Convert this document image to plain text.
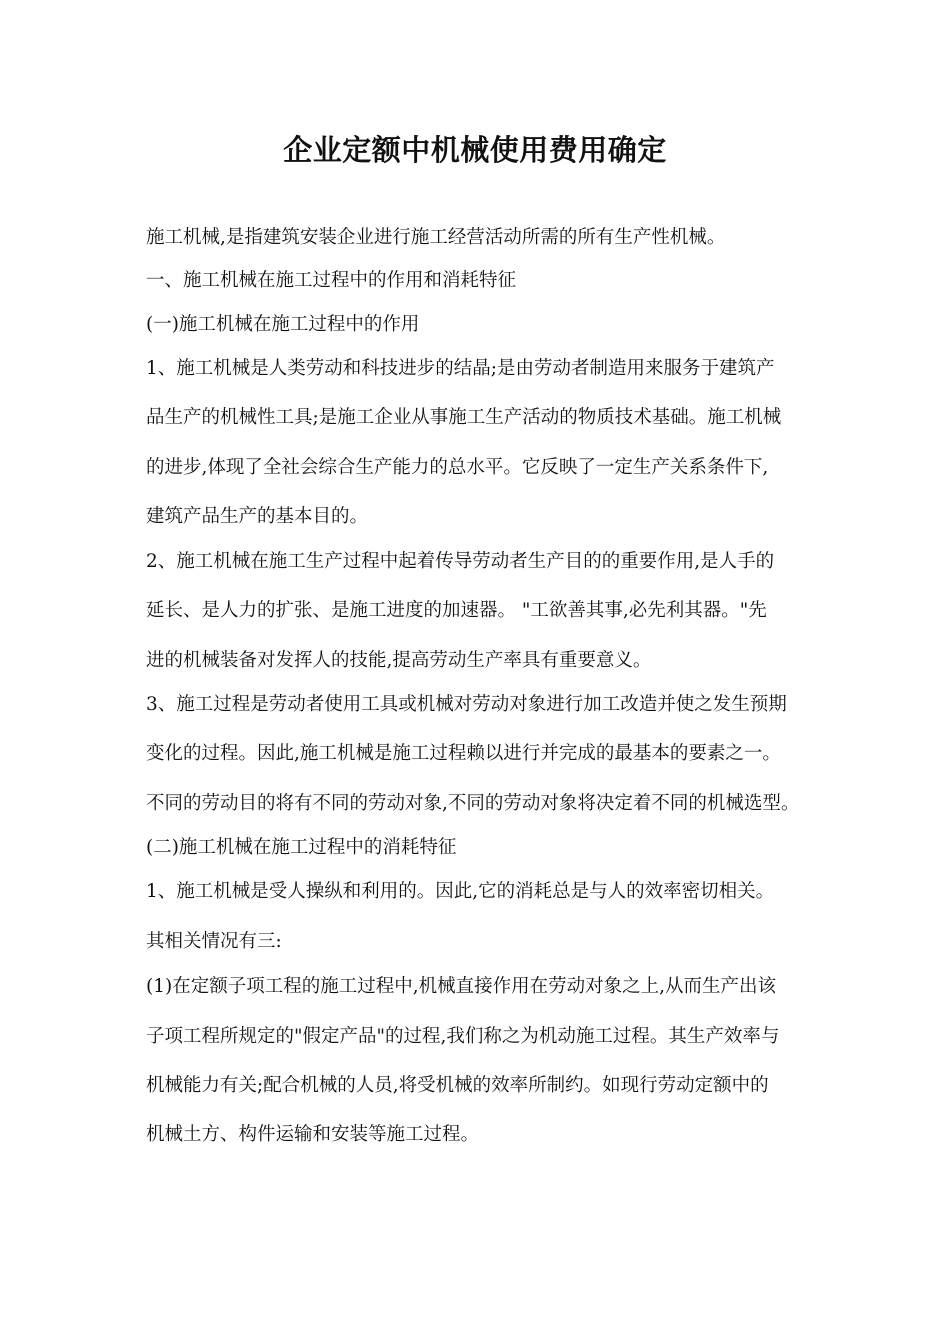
企业定额中机械使用费用确定
施工机械,是指建筑安装企业进行施工经营活动所需的所有生产性机械。
一、施工机械在施工过程中的作用和消耗特征
(一)施工机械在施工过程中的作用
1、施工机械是人类劳动和科技进步的结晶;是由劳动者制造用来服务于建筑产
品生产的机械性工具;是施工企业从事施工生产活动的物质技术基础。施工机械
的进步,体现了全社会综合生产能力的总水平。它反映了一定生产关系条件下,
建筑产品生产的基本目的。
2、施工机械在施工生产过程中起着传导劳动者生产目的的重要作用,是人手的
延长、是人力的扩张、是施工进度的加速器。 "工欲善其事,必先利其器。"先
进的机械装备对发挥人的技能,提高劳动生产率具有重要意义。
3、施工过程是劳动者使用工具或机械对劳动对象进行加工改造并使之发生预期
变化的过程。因此,施工机械是施工过程赖以进行并完成的最基本的要素之一。
不同的劳动目的将有不同的劳动对象,不同的劳动对象将决定着不同的机械选型。
(二)施工机械在施工过程中的消耗特征
1、施工机械是受人操纵和利用的。因此,它的消耗总是与人的效率密切相关。
其相关情况有三:
(1)在定额子项工程的施工过程中,机械直接作用在劳动对象之上,从而生产出该
子项工程所规定的"假定产品"的过程,我们称之为机动施工过程。其生产效率与
机械能力有关;配合机械的人员,将受机械的效率所制约。如现行劳动定额中的
机械土方、构件运输和安装等施工过程。
